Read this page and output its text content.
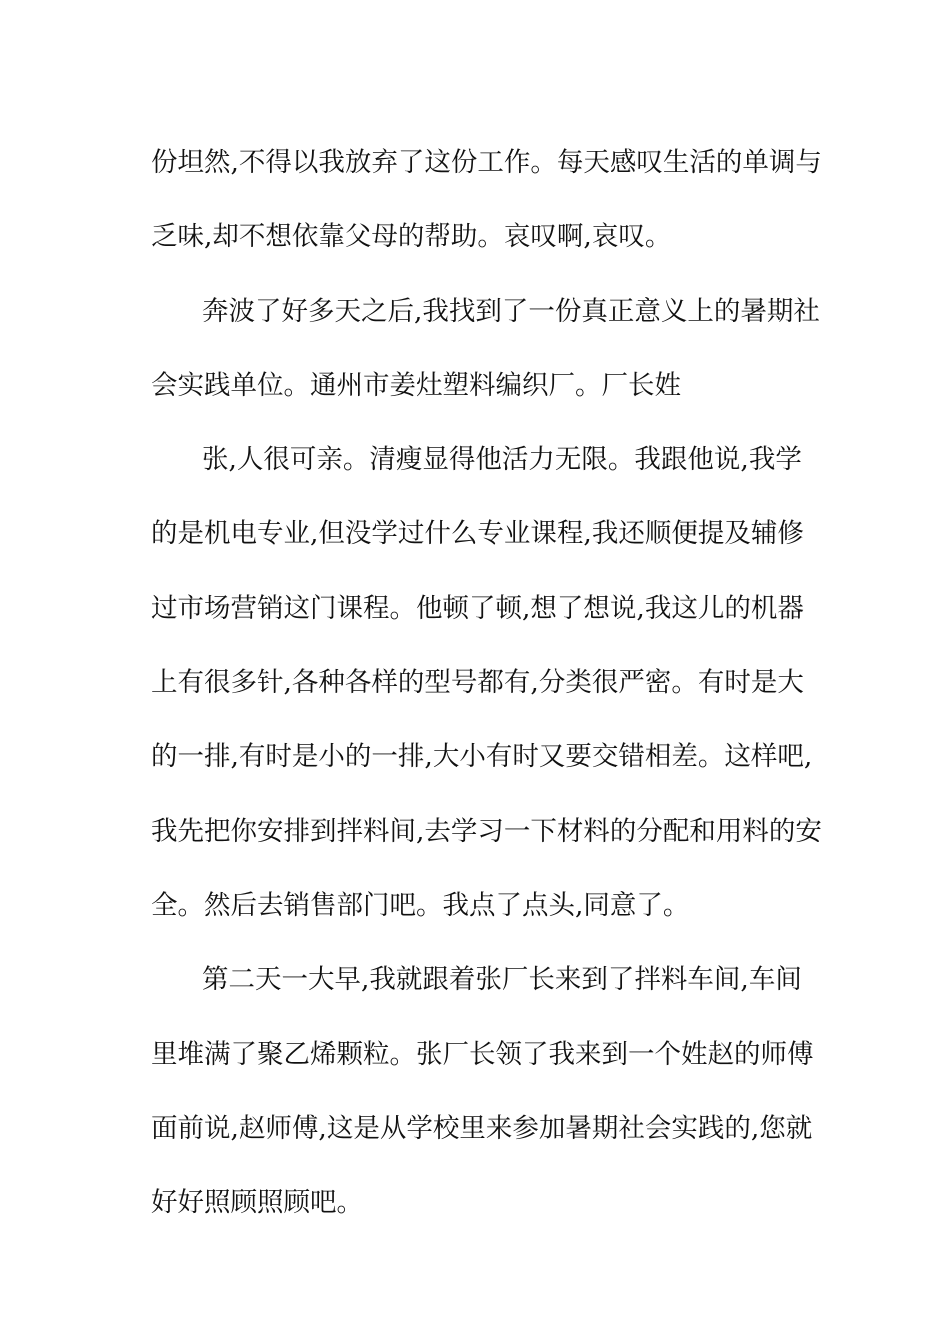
份坦然,不得以我放弃了这份工作。每天感叹生活的单调与
乏味,却不想依靠父母的帮助。哀叹啊,哀叹。
奔波了好多天之后,我找到了一份真正意义上的暑期社
会实践单位。通州市姜灶塑料编织厂。厂长姓
张,人很可亲。清瘦显得他活力无限。我跟他说,我学
的是机电专业,但没学过什么专业课程,我还顺便提及辅修
过市场营销这门课程。他顿了顿,想了想说,我这儿的机器
上有很多针,各种各样的型号都有,分类很严密。有时是大
的一排,有时是小的一排,大小有时又要交错相差。这样吧,
我先把你安排到拌料间,去学习一下材料的分配和用料的安
全。然后去销售部门吧。我点了点头,同意了。
第二天一大早,我就跟着张厂长来到了拌料车间,车间
里堆满了聚乙烯颗粒。张厂长领了我来到一个姓赵的师傅
面前说,赵师傅,这是从学校里来参加暑期社会实践的,您就
好好照顾照顾吧。
